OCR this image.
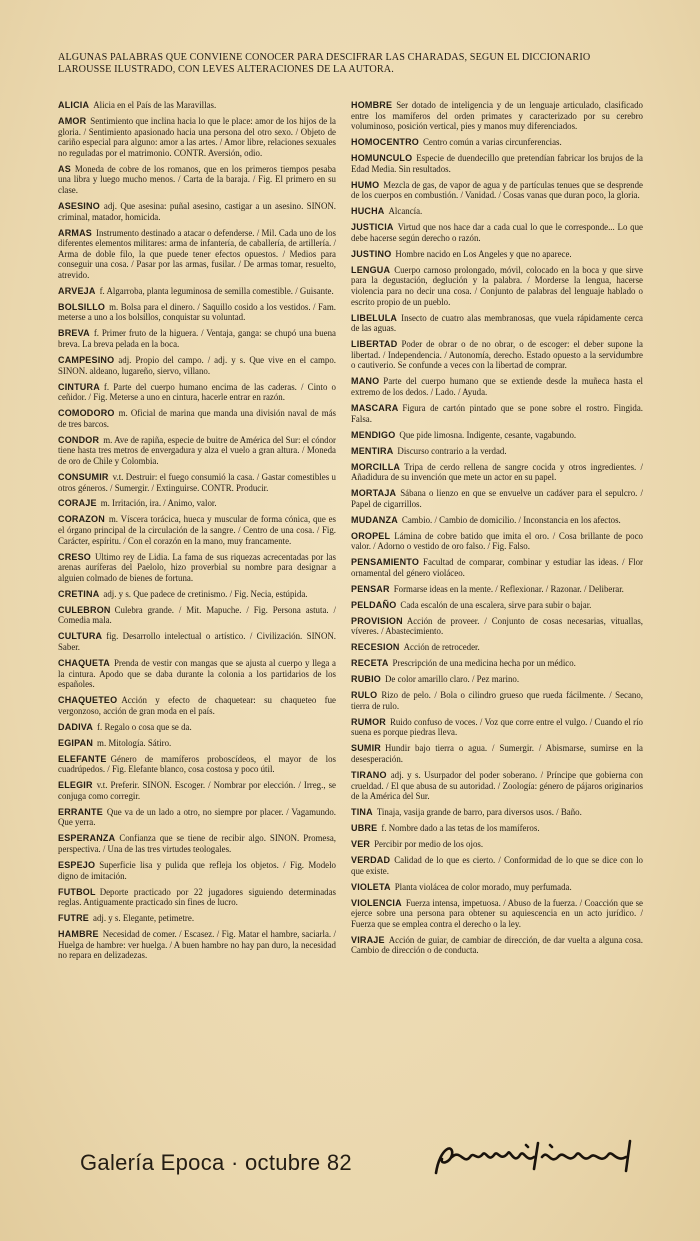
ALGUNAS PALABRAS QUE CONVIENE CONOCER PARA DESCIFRAR LAS CHARADAS, SEGUN EL DICCIONARIO LAROUSSE ILUSTRADO, CON LEVES ALTERACIONES DE LA AUTORA.

ALICIA Alicia en el País de las Maravillas.

AMOR Sentimiento que inclina hacia lo que le place: amor de los hijos de la gloria. / Sentimiento apasionado hacia una persona del otro sexo. / Objeto de cariño especial para alguno: amor a las artes. / Amor libre, relaciones sexuales no reguladas por el matrimonio. CONTR. Aversión, odio.

AS Moneda de cobre de los romanos, que en los primeros tiempos pesaba una libra y luego mucho menos. / Carta de la baraja. / Fig. El primero en su clase.

ASESINO adj. Que asesina: puñal asesino, castigar a un asesino. SINON. criminal, matador, homicida.

ARMAS Instrumento destinado a atacar o defenderse. / Mil. Cada uno de los diferentes elementos militares: arma de infantería, de caballería, de artillería. / Arma de doble filo, la que puede tener efectos opuestos. / Medios para conseguir una cosa. / Pasar por las armas, fusilar. / De armas tomar, resuelto, atrevido.

ARVEJA f. Algarroba, planta leguminosa de semilla comestible. / Guisante.

BOLSILLO m. Bolsa para el dinero. / Saquillo cosido a los vestidos. / Fam. meterse a uno a los bolsillos, conquistar su voluntad.

BREVA f. Primer fruto de la higuera. / Ventaja, ganga: se chupó una buena breva. La breva pelada en la boca.

CAMPESINO adj. Propio del campo. / adj. y s. Que vive en el campo. SINON. aldeano, lugareño, siervo, villano.

CINTURA f. Parte del cuerpo humano encima de las caderas. / Cinto o ceñidor. / Fig. Meterse a uno en cintura, hacerle entrar en razón.

COMODORO m. Oficial de marina que manda una división naval de más de tres barcos.

CONDOR m. Ave de rapiña, especie de buitre de América del Sur: el cóndor tiene hasta tres metros de envergadura y alza el vuelo a gran altura. / Moneda de oro de Chile y Colombia.

CONSUMIR v.t. Destruir: el fuego consumió la casa. / Gastar comestibles u otros géneros. / Sumergir. / Extinguirse. CONTR. Producir.

CORAJE m. Irritación, ira. / Animo, valor.

CORAZON m. Víscera torácica, hueca y muscular de forma cónica, que es el órgano principal de la circulación de la sangre. / Centro de una cosa. / Fig. Carácter, espíritu. / Con el corazón en la mano, muy francamente.

CRESO Ultimo rey de Lidia. La fama de sus riquezas acrecentadas por las arenas auríferas del Paelolo, hizo proverbial su nombre para designar a alguien colmado de bienes de fortuna.

CRETINA adj. y s. Que padece de cretinismo. / Fig. Necia, estúpida.

CULEBRON Culebra grande. / Mit. Mapuche. / Fig. Persona astuta. / Comedia mala.

CULTURA fig. Desarrollo intelectual o artístico. / Civilización. SINON. Saber.

CHAQUETA Prenda de vestir con mangas que se ajusta al cuerpo y llega a la cintura. Apodo que se daba durante la colonia a los partidarios de los españoles.

CHAQUETEO Acción y efecto de chaquetear: su chaqueteo fue vergonzoso, acción de gran moda en el país.

DADIVA f. Regalo o cosa que se da.

EGIPAN m. Mitología. Sátiro.

ELEFANTE Género de mamíferos proboscídeos, el mayor de los cuadrúpedos. / Fig. Elefante blanco, cosa costosa y poco útil.

ELEGIR v.t. Preferir. SINON. Escoger. / Nombrar por elección. / Irreg., se conjuga como corregir.

ERRANTE Que va de un lado a otro, no siempre por placer. / Vagamundo. Que yerra.

ESPERANZA Confianza que se tiene de recibir algo. SINON. Promesa, perspectiva. / Una de las tres virtudes teologales.

ESPEJO Superficie lisa y pulida que refleja los objetos. / Fig. Modelo digno de imitación.

FUTBOL Deporte practicado por 22 jugadores siguiendo determinadas reglas. Antiguamente practicado sin fines de lucro.

FUTRE adj. y s. Elegante, petimetre.

HAMBRE Necesidad de comer. / Escasez. / Fig. Matar el hambre, saciarla. / Huelga de hambre: ver huelga. / A buen hambre no hay pan duro, la necesidad no repara en delizadezas.

HOMBRE Ser dotado de inteligencia y de un lenguaje articulado, clasificado entre los mamíferos del orden primates y caracterizado por su cerebro voluminoso, posición vertical, pies y manos muy diferenciados.

HOMOCENTRO Centro común a varias circunferencias.

HOMUNCULO Especie de duendecillo que pretendían fabricar los brujos de la Edad Media. Sin resultados.

HUMO Mezcla de gas, de vapor de agua y de partículas tenues que se desprende de los cuerpos en combustión. / Vanidad. / Cosas vanas que duran poco, la gloria.

HUCHA Alcancía.

JUSTICIA Virtud que nos hace dar a cada cual lo que le corresponde... Lo que debe hacerse según derecho o razón.

JUSTINO Hombre nacido en Los Angeles y que no aparece.

LENGUA Cuerpo carnoso prolongado, móvil, colocado en la boca y que sirve para la degustación, deglución y la palabra. / Morderse la lengua, hacerse violencia para no decir una cosa. / Conjunto de palabras del lenguaje hablado o escrito propio de un pueblo.

LIBELULA Insecto de cuatro alas membranosas, que vuela rápidamente cerca de las aguas.

LIBERTAD Poder de obrar o de no obrar, o de escoger: el deber supone la libertad. / Independencia. / Autonomía, derecho. Estado opuesto a la servidumbre o cautiverio. Se confunde a veces con la libertad de comprar.

MANO Parte del cuerpo humano que se extiende desde la muñeca hasta el extremo de los dedos. / Lado. / Ayuda.

MASCARA Figura de cartón pintado que se pone sobre el rostro. Fingida. Falsa.

MENDIGO Que pide limosna. Indigente, cesante, vagabundo.

MENTIRA Discurso contrario a la verdad.

MORCILLA Tripa de cerdo rellena de sangre cocida y otros ingredientes. / Añadidura de su invención que mete un actor en su papel.

MORTAJA Sábana o lienzo en que se envuelve un cadáver para el sepulcro. / Papel de cigarrillos.

MUDANZA Cambio. / Cambio de domicilio. / Inconstancia en los afectos.

OROPEL Lámina de cobre batido que imita el oro. / Cosa brillante de poco valor. / Adorno o vestido de oro falso. / Fig. Falso.

PENSAMIENTO Facultad de comparar, combinar y estudiar las ideas. / Flor ornamental del género violáceo.

PENSAR Formarse ideas en la mente. / Reflexionar. / Razonar. / Deliberar.

PELDAÑO Cada escalón de una escalera, sirve para subir o bajar.

PROVISION Acción de proveer. / Conjunto de cosas necesarias, vituallas, víveres. / Abastecimiento.

RECESION Acción de retroceder.

RECETA Prescripción de una medicina hecha por un médico.

RUBIO De color amarillo claro. / Pez marino.

RULO Rizo de pelo. / Bola o cilindro grueso que rueda fácilmente. / Secano, tierra de rulo.

RUMOR Ruido confuso de voces. / Voz que corre entre el vulgo. / Cuando el río suena es porque piedras lleva.

SUMIR Hundir bajo tierra o agua. / Sumergir. / Abismarse, sumirse en la desesperación.

TIRANO adj. y s. Usurpador del poder soberano. / Príncipe que gobierna con crueldad. / El que abusa de su autoridad. / Zoología: género de pájaros originarios de la América del Sur.

TINA Tinaja, vasija grande de barro, para diversos usos. / Baño.

UBRE f. Nombre dado a las tetas de los mamíferos.

VER Percibir por medio de los ojos.

VERDAD Calidad de lo que es cierto. / Conformidad de lo que se dice con lo que existe.

VIOLETA Planta violácea de color morado, muy perfumada.

VIOLENCIA Fuerza intensa, impetuosa. / Abuso de la fuerza. / Coacción que se ejerce sobre una persona para obtener su aquiescencia en un acto jurídico. / Fuerza que se emplea contra el derecho o la ley.

VIRAJE Acción de guiar, de cambiar de dirección, de dar vuelta a alguna cosa. Cambio de dirección o de conducta.

Galería Epoca · octubre 82
